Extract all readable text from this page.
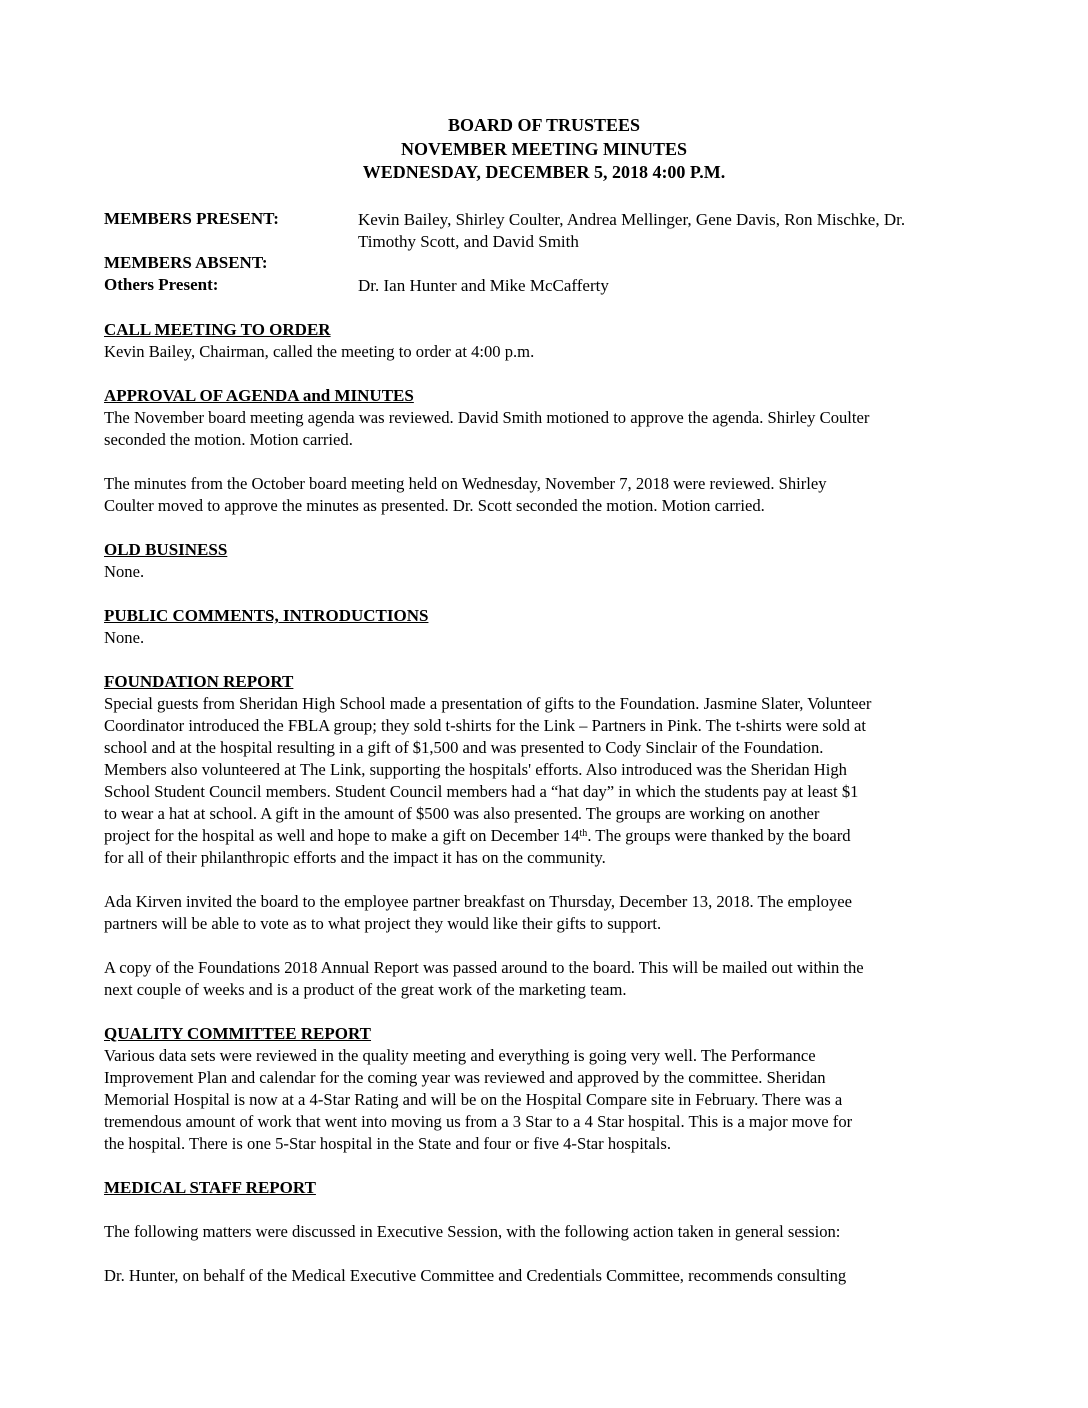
BOARD OF TRUSTEES
NOVEMBER MEETING MINUTES
WEDNESDAY, DECEMBER 5, 2018 4:00 P.M.
MEMBERS PRESENT:	Kevin Bailey, Shirley Coulter, Andrea Mellinger, Gene Davis, Ron Mischke, Dr.
Timothy Scott, and David Smith
MEMBERS ABSENT:
Others Present:	Dr. Ian Hunter and Mike McCafferty
CALL MEETING TO ORDER
Kevin Bailey, Chairman, called the meeting to order at 4:00 p.m.
APPROVAL OF AGENDA and MINUTES
The November board meeting agenda was reviewed. David Smith motioned to approve the agenda. Shirley Coulter
seconded the motion. Motion carried.
The minutes from the October board meeting held on Wednesday, November 7, 2018 were reviewed. Shirley
Coulter moved to approve the minutes as presented. Dr. Scott seconded the motion. Motion carried.
OLD BUSINESS
None.
PUBLIC COMMENTS, INTRODUCTIONS
None.
FOUNDATION REPORT
Special guests from Sheridan High School made a presentation of gifts to the Foundation. Jasmine Slater, Volunteer
Coordinator introduced the FBLA group; they sold t-shirts for the Link – Partners in Pink. The t-shirts were sold at
school and at the hospital resulting in a gift of $1,500 and was presented to Cody Sinclair of the Foundation.
Members also volunteered at The Link, supporting the hospitals' efforts. Also introduced was the Sheridan High
School Student Council members. Student Council members had a “hat day” in which the students pay at least $1
to wear a hat at school. A gift in the amount of $500 was also presented. The groups are working on another
project for the hospital as well and hope to make a gift on December 14th. The groups were thanked by the board
for all of their philanthropic efforts and the impact it has on the community.
Ada Kirven invited the board to the employee partner breakfast on Thursday, December 13, 2018. The employee
partners will be able to vote as to what project they would like their gifts to support.
A copy of the Foundations 2018 Annual Report was passed around to the board. This will be mailed out within the
next couple of weeks and is a product of the great work of the marketing team.
QUALITY COMMITTEE REPORT
Various data sets were reviewed in the quality meeting and everything is going very well. The Performance
Improvement Plan and calendar for the coming year was reviewed and approved by the committee. Sheridan
Memorial Hospital is now at a 4-Star Rating and will be on the Hospital Compare site in February. There was a
tremendous amount of work that went into moving us from a 3 Star to a 4 Star hospital. This is a major move for
the hospital. There is one 5-Star hospital in the State and four or five 4-Star hospitals.
MEDICAL STAFF REPORT
The following matters were discussed in Executive Session, with the following action taken in general session:
Dr. Hunter, on behalf of the Medical Executive Committee and Credentials Committee, recommends consulting
